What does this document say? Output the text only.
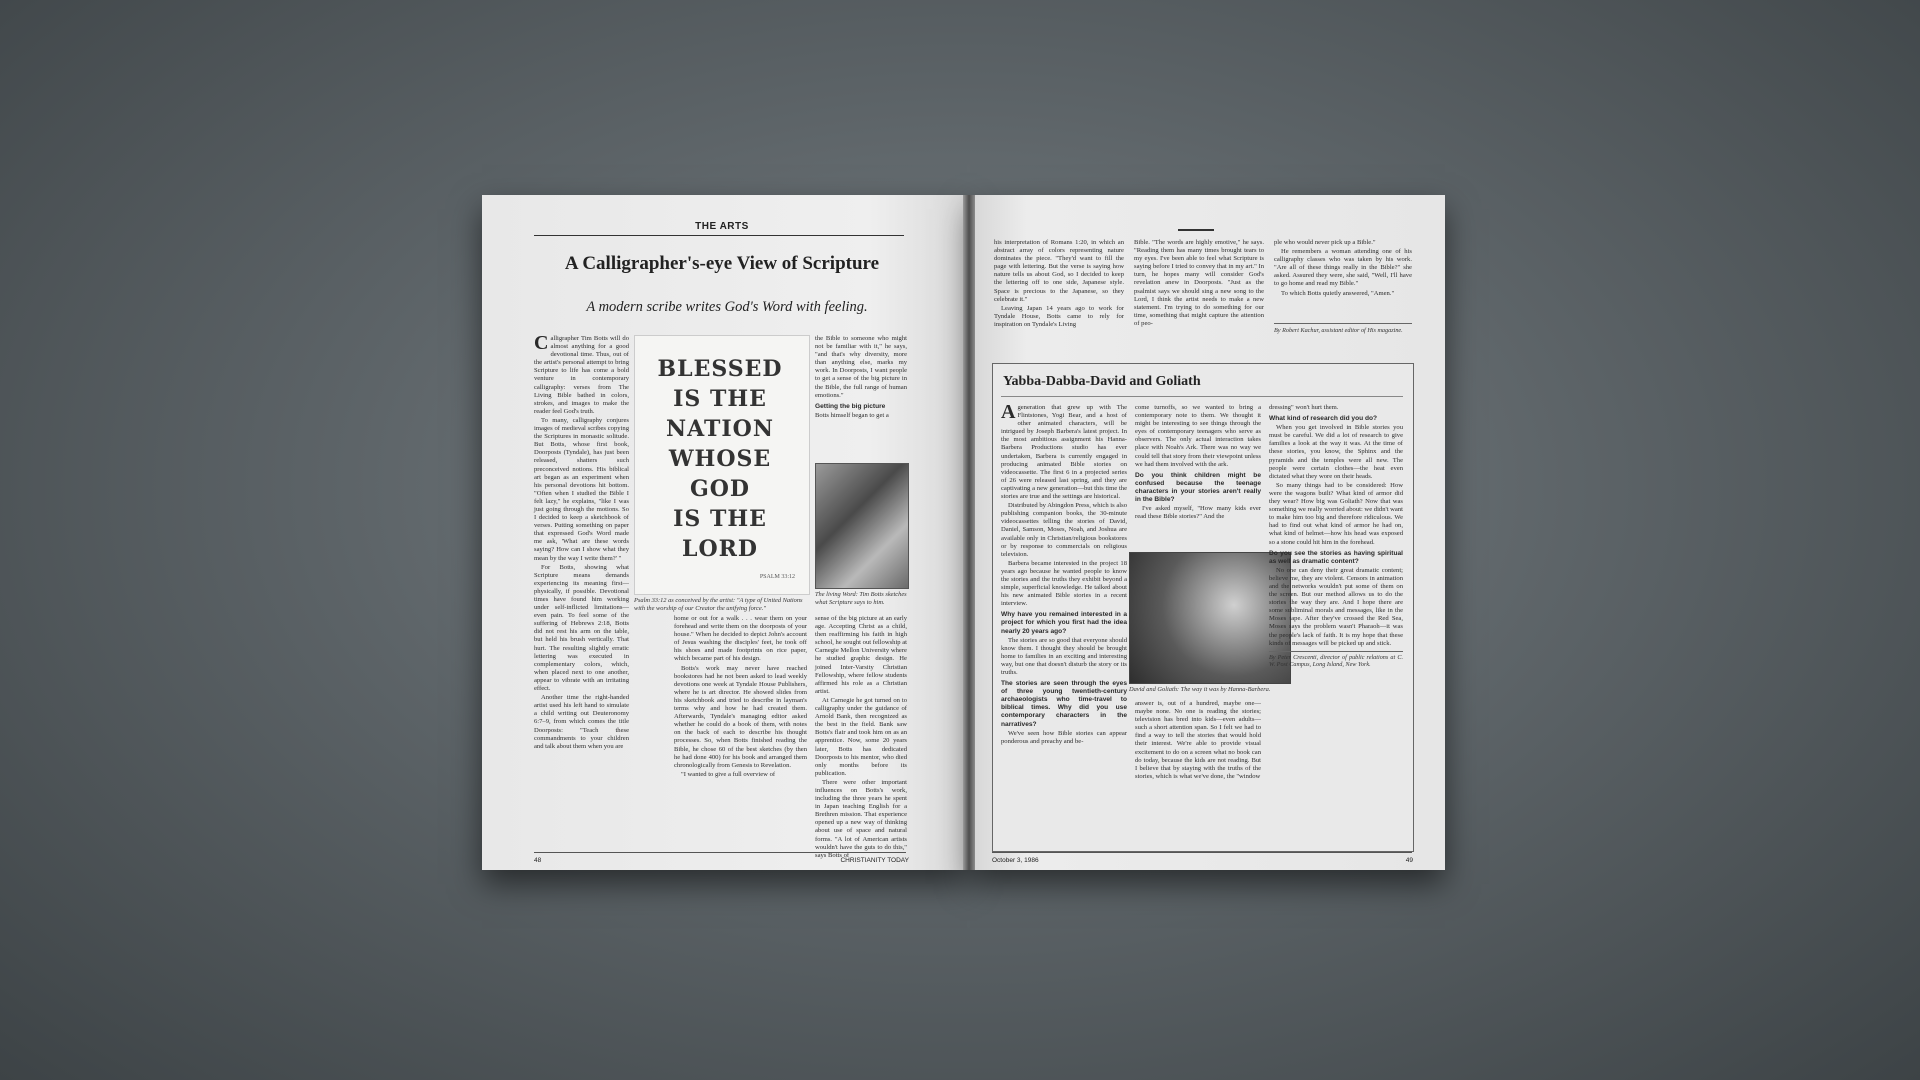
THE ARTS
A Calligrapher's-eye View of Scripture
A modern scribe writes God's Word with feeling.
C alligrapher Tim Botts will do almost anything for a good devotional time. Thus, out of the artist's personal attempt to bring Scripture to life has come a bold venture in contemporary calligraphy: verses from The Living Bible bathed in colors, strokes, and images to make the reader feel God's truth.

To many, calligraphy conjures images of medieval scribes copying the Scriptures in monastic solitude. But Botts, whose first book, Doorposts (Tyndale), has just been released, shatters such preconceived notions. His biblical art began as an experiment when his personal devotions hit bottom. "Often when I studied the Bible I felt lazy," he explains, "like I was just going through the motions. So I decided to keep a sketchbook of verses. Putting something on paper that expressed God's Word made me ask, 'What are these words saying? How can I show what they mean by the way I write them?' "

For Botts, showing what Scripture means demands experiencing its meaning first—physically, if possible. Devotional times have found him working under self-inflicted limitations—even pain. To feel some of the suffering of Hebrews 2:18, Botts did not rest his arm on the table, but held his brush vertically. That hurt. The resulting slightly erratic lettering was executed in complementary colors, which, when placed next to one another, appear to vibrate with an irritating effect.

Another time the right-handed artist used his left hand to simulate a child writing out Deuteronomy 6:7–9, from which comes the title Doorposts: "Teach these commandments to your children and talk about them when you are

BLESSED
IS THE
NATION
WHOSE
GOD
IS THE
LORD
PSALM 33:12
Psalm 33:12 as conceived by the artist: "A type of United Nations with the worship of our Creator the unifying force."

the Bible to someone who might not be familiar with it," he says, "and that's why diversity, more than anything else, marks my work. In Doorposts, I want people to get a sense of the big picture in the Bible, the full range of human emotions."

Getting the big picture

Botts himself began to get a

The living Word: Tim Botts sketches what Scripture says to him.

home or out for a walk . . . wear them on your forehead and write them on the doorposts of your house." When he decided to depict John's account of Jesus washing the disciples' feet, he took off his shoes and made footprints on rice paper, which became part of his design.

Botts's work may never have reached bookstores had he not been asked to lead weekly devotions one week at Tyndale House Publishers, where he is art director. He showed slides from his sketchbook and tried to describe in layman's terms why and how he had created them. Afterwards, Tyndale's managing editor asked whether he could do a book of them, with notes on the back of each to describe his thought processes. So, when Botts finished reading the Bible, he chose 60 of the best sketches (by then he had done 400) for his book and arranged them chronologically from Genesis to Revelation.

"I wanted to give a full overview of

sense of the big picture at an early age. Accepting Christ as a child, then reaffirming his faith in high school, he sought out fellowship at Carnegie Mellon University where he studied graphic design. He joined Inter-Varsity Christian Fellowship, where fellow students affirmed his role as a Christian artist.

At Carnegie he got turned on to calligraphy under the guidance of Arnold Bank, then recognized as the best in the field. Bank saw Botts's flair and took him on as an apprentice. Now, some 20 years later, Botts has dedicated Doorposts to his mentor, who died only months before its publication.

There were other important influences on Botts's work, including the three years he spent in Japan teaching English for a Brethren mission. That experience opened up a new way of thinking about use of space and natural forms. "A lot of American artists wouldn't have the guts to do this," says Botts of

48	CHRISTIANITY TODAY

his interpretation of Romans 1:20, in which an abstract array of colors representing nature dominates the piece. "They'd want to fill the page with lettering. But the verse is saying how nature tells us about God, so I decided to keep the lettering off to one side, Japanese style. Space is precious to the Japanese, so they celebrate it."

Leaving Japan 14 years ago to work for Tyndale House, Botts came to rely for inspiration on Tyndale's Living

Bible. "The words are highly emotive," he says. "Reading them has many times brought tears to my eyes. I've been able to feel what Scripture is saying before I tried to convey that in my art." In turn, he hopes many will consider God's revelation anew in Doorposts. "Just as the psalmist says we should sing a new song to the Lord, I think the artist needs to make a new statement. I'm trying to do something for our time, something that might capture the attention of peo-

ple who would never pick up a Bible."

He remembers a woman attending one of his calligraphy classes who was taken by his work. "Are all of these things really in the Bible?" she asked. Assured they were, she said, "Well, I'll have to go home and read my Bible."

To which Botts quietly answered, "Amen."

By Robert Kachur, assistant editor of His magazine.
Yabba-Dabba-David and Goliath
A generation that grew up with The Flintstones, Yogi Bear, and a host of other animated characters, will be intrigued by Joseph Barbera's latest project. In the most ambitious assignment his Hanna-Barbera Productions studio has ever undertaken, Barbera is currently engaged in producing animated Bible stories on videocassette. The first 6 in a projected series of 26 were released last spring, and they are captivating a new generation—but this time the stories are true and the settings are historical.

Distributed by Abingdon Press, which is also publishing companion books, the 30-minute videocassettes telling the stories of David, Daniel, Samson, Moses, Noah, and Joshua are available only in Christian/religious bookstores or by response to commercials on religious television.

Barbera became interested in the project 18 years ago because he wanted people to know the stories and the truths they exhibit beyond a simple, superficial knowledge. He talked about his new animated Bible stories in a recent interview.

Why have you remained interested in a project for which you first had the idea nearly 20 years ago?

The stories are so good that everyone should know them. I thought they should be brought home to families in an exciting and interesting way, but one that doesn't disturb the story or its truths.

The stories are seen through the eyes of three young twentieth-century archaeologists who time-travel to biblical times. Why did you use contemporary characters in the narratives?

We've seen how Bible stories can appear ponderous and preachy and be-

come turnoffs, so we wanted to bring a contemporary note to them. We thought it might be interesting to see things through the eyes of contemporary teenagers who serve as observers. The only actual interaction takes place with Noah's Ark. There was no way we could tell that story from their viewpoint unless we had them involved with the ark.

Do you think children might be confused because the teenage characters in your stories aren't really in the Bible?

I've asked myself, "How many kids ever read these Bible stories?" And the

David and Goliath: The way it was by Hanna-Barbera.

answer is, out of a hundred, maybe one—maybe none. No one is reading the stories; television has bred into kids—even adults—such a short attention span. So I felt we had to find a way to tell the stories that would hold their interest. We're able to provide visual excitement to do on a screen what no book can do today, because the kids are not reading. But I believe that by staying with the truths of the stories, which is what we've done, the "window

dressing" won't hurt them.

What kind of research did you do?

When you get involved in Bible stories you must be careful. We did a lot of research to give families a look at the way it was. At the time of these stories, you know, the Sphinx and the pyramids and the temples were all new. The people were certain clothes—the heat even dictated what they wore on their heads.

So many things had to be considered: How were the wagons built? What kind of armor did they wear? How big was Goliath? Now that was something we really worried about: we didn't want to make him too big and therefore ridiculous. We had to find out what kind of armor he had on, what kind of helmet—how his head was exposed so a stone could hit him in the forehead.

Do you see the stories as having spiritual as well as dramatic content?

No one can deny their great dramatic content; believe me, they are violent. Censors in animation and the networks wouldn't put some of them on the screen. But our method allows us to do the stories the way they are. And I hope there are some subliminal morals and messages, like in the Moses tape. After they've crossed the Red Sea, Moses says the problem wasn't Pharaoh—it was the people's lack of faith. It is my hope that these kinds of messages will be picked up and stick.

By Peter Crescenti, director of public relations at C. W. Post Campus, Long Island, New York.
October 3, 1986	49
